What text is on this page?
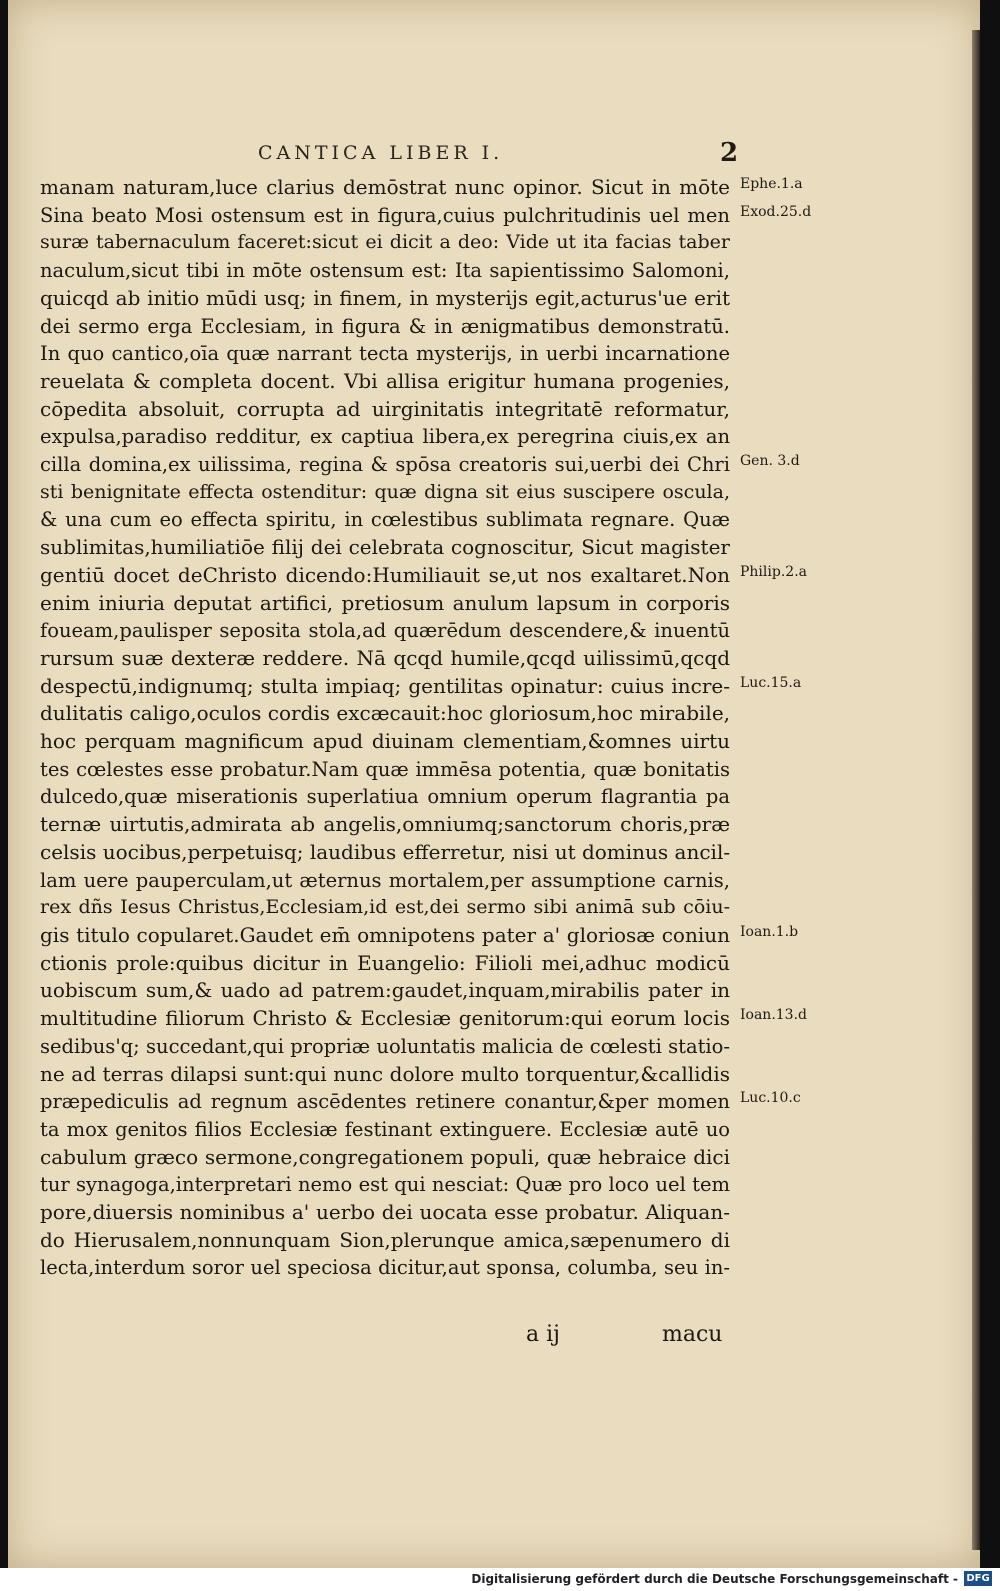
CANTICA LIBER I.	2
manam naturam,luce clarius demōstrat nunc opinor. Sicut in mōte
Sina beato Mosi ostensum est in figura,cuius pulchritudinis uel men
suræ tabernaculum faceret:sicut ei dicit a deo: Vide ut ita facias taber
naculum,sicut tibi in mōte ostensum est: Ita sapientissimo Salomoni,
quicqd ab initio mūdi usq; in finem, in mysterijs egit,acturus'ue erit
dei sermo erga Ecclesiam, in figura & in ænigmatibus demonstratū.
In quo cantico,oīa quæ narrant tecta mysterijs, in uerbi incarnatione
reuelata & completa docent. Vbi allisa erigitur humana progenies,
cōpedita absoluit, corrupta ad uirginitatis integritatē reformatur,
expulsa,paradiso redditur, ex captiua libera,ex peregrina ciuis,ex an
cilla domina,ex uilissima, regina & spōsa creatoris sui,uerbi dei Chri
sti benignitate effecta ostenditur: quæ digna sit eius suscipere oscula,
& una cum eo effecta spiritu, in cœlestibus sublimata regnare. Quæ
sublimitas,humiliatiōe filij dei celebrata cognoscitur, Sicut magister
gentiū docet deChristo dicendo:Humiliauit se,ut nos exaltaret.Non
enim iniuria deputat artifici, pretiosum anulum lapsum in corporis
foueam,paulisper seposita stola,ad quærēdum descendere,& inuentū
rursum suæ dexteræ reddere. Nā qcqd humile,qcqd uilissimū,qcqd
despectū,indignumq; stulta impiaq; gentilitas opinatur: cuius incre-
dulitatis caligo,oculos cordis excæcauit:hoc gloriosum,hoc mirabile,
hoc perquam magnificum apud diuinam clementiam,&omnes uirtu
tes cœlestes esse probatur.Nam quæ immēsa potentia, quæ bonitatis
dulcedo,quæ miserationis superlatiua omnium operum flagrantia pa
ternæ uirtutis,admirata ab angelis,omniumq;sanctorum choris,præ
celsis uocibus,perpetuisq; laudibus efferretur, nisi ut dominus ancil-
lam uere pauperculam,ut æternus mortalem,per assumptione carnis,
rex dñs Iesus Christus,Ecclesiam,id est,dei sermo sibi animā sub cōiu-
gis titulo copularet.Gaudet em̄ omnipotens pater a' gloriosæ coniun
ctionis prole:quibus dicitur in Euangelio: Filioli mei,adhuc modicū
uobiscum sum,& uado ad patrem:gaudet,inquam,mirabilis pater in
multitudine filiorum Christo & Ecclesiæ genitorum:qui eorum locis
sedibus'q; succedant,qui propriæ uoluntatis malicia de cœlesti statio-
ne ad terras dilapsi sunt:qui nunc dolore multo torquentur,&callidis
præpediculis ad regnum ascēdentes retinere conantur,&per momen
ta mox genitos filios Ecclesiæ festinant extinguere. Ecclesiæ autē uo
cabulum græco sermone,congregationem populi, quæ hebraice dici
tur synagoga,interpretari nemo est qui nesciat: Quæ pro loco uel tem
pore,diuersis nominibus a' uerbo dei uocata esse probatur. Aliquan-
do Hierusalem,nonnunquam Sion,plerunque amica,sæpenumero di
lecta,interdum soror uel speciosa dicitur,aut sponsa, columba, seu in-
Ephe.1.a
Exod.25.d
Gen. 3.d
Philip.2.a
Luc.15.a
Ioan.1.b
Ioan.13.d
Luc.10.c
a ij	macu
Digitalisierung gefördert durch die Deutsche Forschungsgemeinschaft - DFG
